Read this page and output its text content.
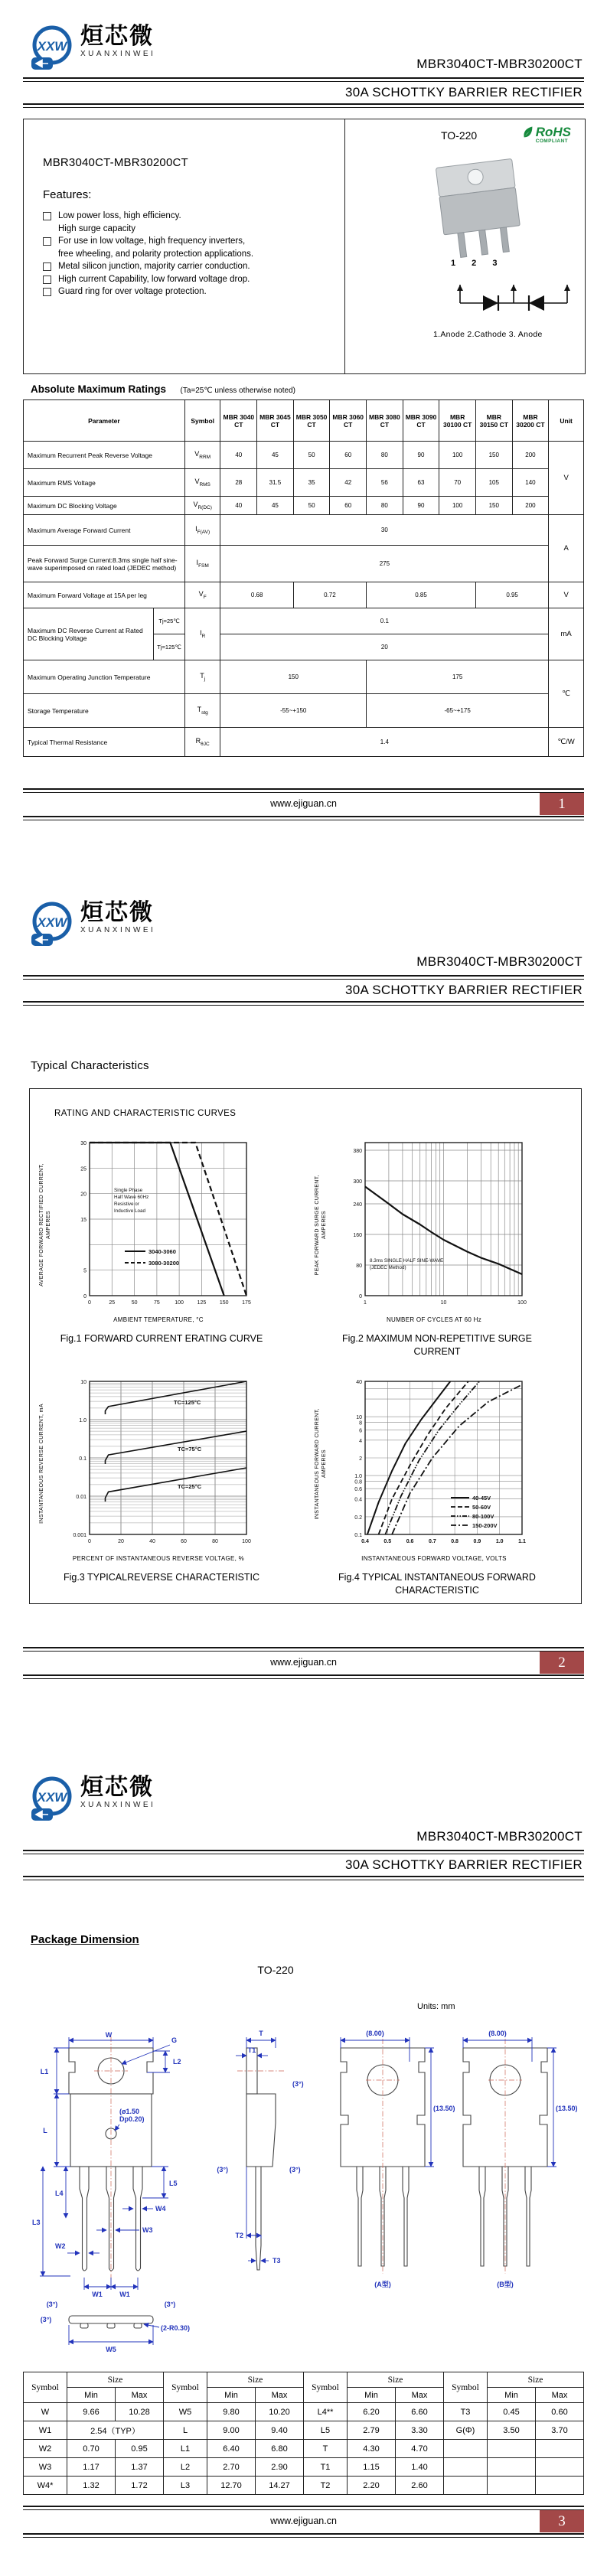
XXW 烜芯微
XUANXINWEI
MBR3040CT-MBR30200CT
30A SCHOTTKY BARRIER RECTIFIER
MBR3040CT-MBR30200CT
Features:
Low power loss, high efficiency.
High surge capacity
For use in low voltage, high frequency inverters,
free wheeling, and polarity protection applications.
Metal silicon junction, majority carrier conduction.
High current Capability, low forward voltage drop.
Guard ring for over voltage protection.
TO-220	RoHS
COMPLIANT
1 2 3
1.Anode 2.Cathode 3. Anode
Absolute Maximum Ratings (Ta=25℃ unless otherwise noted)
Parameter		Symbol	MBR 3040 CT	MBR 3045 CT	MBR 3050 CT	MBR 3060 CT	MBR 3080 CT	MBR 3090 CT	MBR 30100 CT	MBR 30150 CT	MBR 30200 CT	Unit
Maximum Recurrent Peak Reverse Voltage		$V_{RRM}$	40	45	50	60	80	90	100	150	200	V
Maximum RMS Voltage		$V_{RMS}$	28	31.5	35	42	56	63	70	105	140	
Maximum DC Blocking Voltage		$V_{R(DC)}$	40	45	50	60	80	90	100	150	200	
Maximum Average Forward Current		$I_{F(AV)}$	30									A
Peak Forward Surge Current:8.3ms single half sine-wave superimposed on rated load (JEDEC method)		$I_{FSM}$	275									
Maximum Forward Voltage at 15A per leg		$V_F$	0.68		0.72		0.85			0.95		V
Maximum DC Reverse Current at Rated DC Blocking Voltage	Tj=25℃	$I_R$	0.1									mA
	Tj=125℃		20									
Maximum Operating Junction Temperature		$T_j$	150				175					℃
Storage Temperature		$T_{stg}$	-55~+150				-65~+175					
Typical Thermal Resistance		$R_{\theta JC}$	1.4									℃/W
www.ejiguan.cn	1
XXW 烜芯微
XUANXINWEI
MBR3040CT-MBR30200CT
30A SCHOTTKY BARRIER RECTIFIER
Typical Characteristics
RATING AND CHARACTERISTIC CURVES
AVERAGE FORWARD RECTIFIED CURRENT, AMPERES
30
25
20
15
5
0
0	25	50	75	100	125	150	175
Single Phase
Half Wave 60Hz
Resistive or
Inductive Load
3040-3060
3080-30200
AMBIENT TEMPERATURE, °C
Fig.1 FORWARD CURRENT ERATING CURVE
PEAK FORWARD SURGE CURRENT, AMPERES
380
300
240
160
80
0
1	10	100
8.3ms SINGLE HALF SINE-WAVE
(JEDEC Method)
NUMBER OF CYCLES AT 60 Hz
Fig.2 MAXIMUM NON-REPETITIVE SURGE
CURRENT
INSTANTANEOUS REVERSE CURRENT, mA
10
1.0
0.1
0.01
0.001
0	20	40	60	80	100
TC=125°C
TC=75°C
TC=25°C
PERCENT OF INSTANTANEOUS REVERSE VOLTAGE, %
Fig.3 TYPICALREVERSE CHARACTERISTIC
INSTANTANEOUS FORWARD CURRENT, AMPERES
40
10
8
6
4
2
1.0
0.8
0.6
0.4
0.2
0.1
0.4	0.5	0.6	0.7	0.8	0.9	1.0	1.1
40-45V
50-60V
80-100V
150-200V
INSTANTANEOUS FORWARD VOLTAGE, VOLTS
Fig.4 TYPICAL INSTANTANEOUS FORWARD
CHARACTERISTIC
www.ejiguan.cn	2
XXW 烜芯微
XUANXINWEI
MBR3040CT-MBR30200CT
30A SCHOTTKY BARRIER RECTIFIER
Package Dimension
TO-220
Units: mm
W
G
L1
L2
L
L3
L4
L5
W4
W3
W2
W1	W1
(3°)	(3°)
(ø1.50
Dp0.20)
W5
(2-R0.30)
(3°)
T
T1
(3°)
(3°)	(3°)
T2
T3
(8.00)
(13.50)
(A型)
(8.00)
(13.50)
(B型)
Symbol	Size		Symbol	Size		Symbol	Size		Symbol	Size	
	Min	Max		Min	Max		Min	Max		Min	Max
W	9.66	10.28	W5	9.80	10.20	L4**	6.20	6.60	T3	0.45	0.60
W1	2.54（TYP）		L	9.00	9.40	L5	2.79	3.30	G(Φ)	3.50	3.70
W2	0.70	0.95	L1	6.40	6.80	T	4.30	4.70			
W3	1.17	1.37	L2	2.70	2.90	T1	1.15	1.40			
W4*	1.32	1.72	L3	12.70	14.27	T2	2.20	2.60			
www.ejiguan.cn	3
